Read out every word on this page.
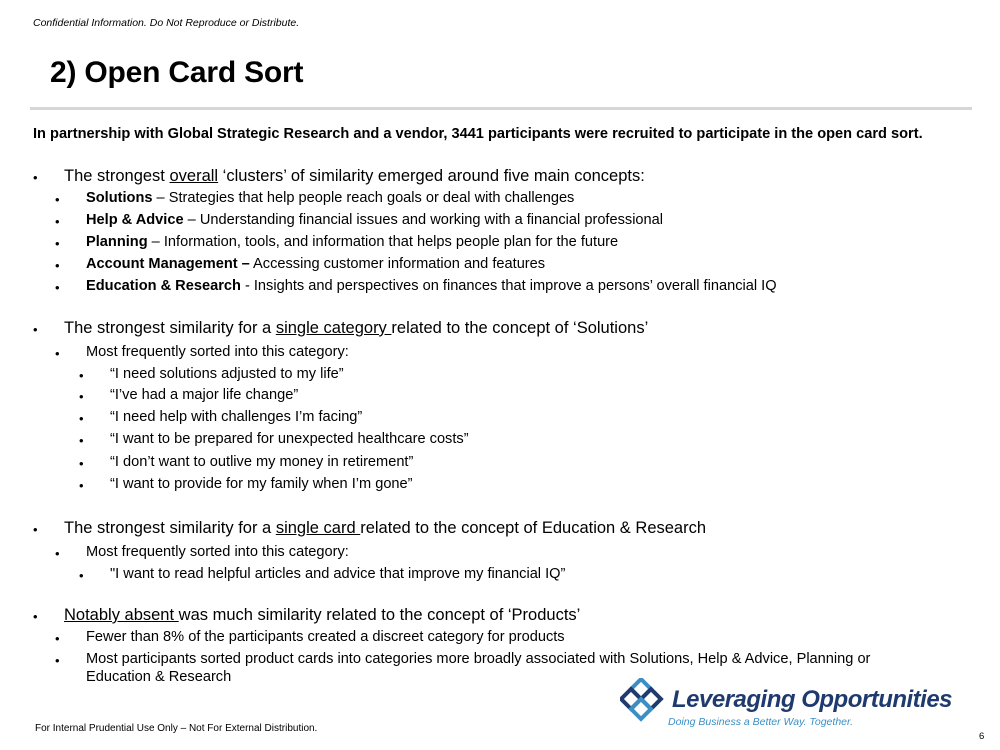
Confidential Information. Do Not Reproduce or Distribute.
2) Open Card Sort
In partnership with Global Strategic Research and a vendor, 3441 participants were recruited to participate in the open card sort.
• The strongest overall ‘clusters’ of similarity emerged around five main concepts:
• Solutions – Strategies that help people reach goals or deal with challenges
• Help & Advice – Understanding financial issues and working with a financial professional
• Planning – Information, tools, and information that helps people plan for the future
• Account Management – Accessing customer information and features
• Education & Research - Insights and perspectives on finances that improve a persons’ overall financial IQ
• The strongest similarity for a single category related to the concept of ‘Solutions’
• Most frequently sorted into this category:
• “I need solutions adjusted to my life”
• “I’ve had a major life change”
• “I need help with challenges I’m facing”
• “I want to be prepared for unexpected healthcare costs”
• “I don’t want to outlive my money in retirement”
• “I want to provide for my family when I’m gone”
• The strongest similarity for a single card related to the concept of Education & Research
• Most frequently sorted into this category:
• "I want to read helpful articles and advice that improve my financial IQ”
• Notably absent was much similarity related to the concept of ‘Products’
• Fewer than 8% of the participants created a discreet category for products
• Most participants sorted product cards into categories more broadly associated with Solutions, Help & Advice, Planning or
Education & Research
Leveraging Opportunities
Doing Business a Better Way. Together.
For Internal Prudential Use Only – Not For External Distribution.
6
